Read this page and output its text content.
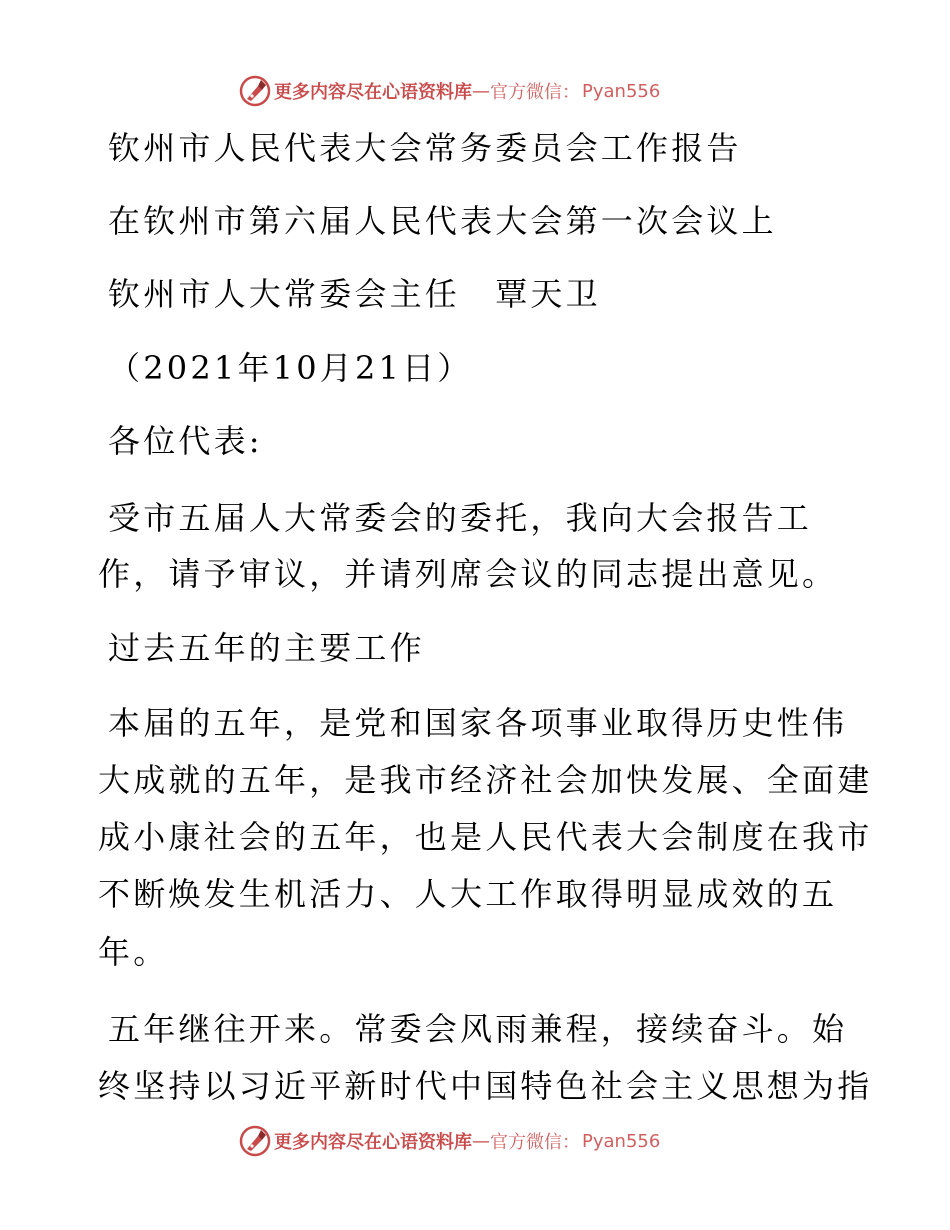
更多内容尽在心语资料库 — 官方微信： Pyan556
钦州市人民代表大会常务委员会工作报告
在钦州市第六届人民代表大会第一次会议上
钦州市人大常委会主任　覃天卫
（2021年10月21日）
各位代表:
受市五届人大常委会的委托，我向大会报告工
作，请予审议，并请列席会议的同志提出意见。
过去五年的主要工作
本届的五年，是党和国家各项事业取得历史性伟
大成就的五年，是我市经济社会加快发展、全面建
成小康社会的五年，也是人民代表大会制度在我市
不断焕发生机活力、人大工作取得明显成效的五
年。
五年继往开来。常委会风雨兼程，接续奋斗。始
终坚持以习近平新时代中国特色社会主义思想为指
更多内容尽在心语资料库 — 官方微信： Pyan556
